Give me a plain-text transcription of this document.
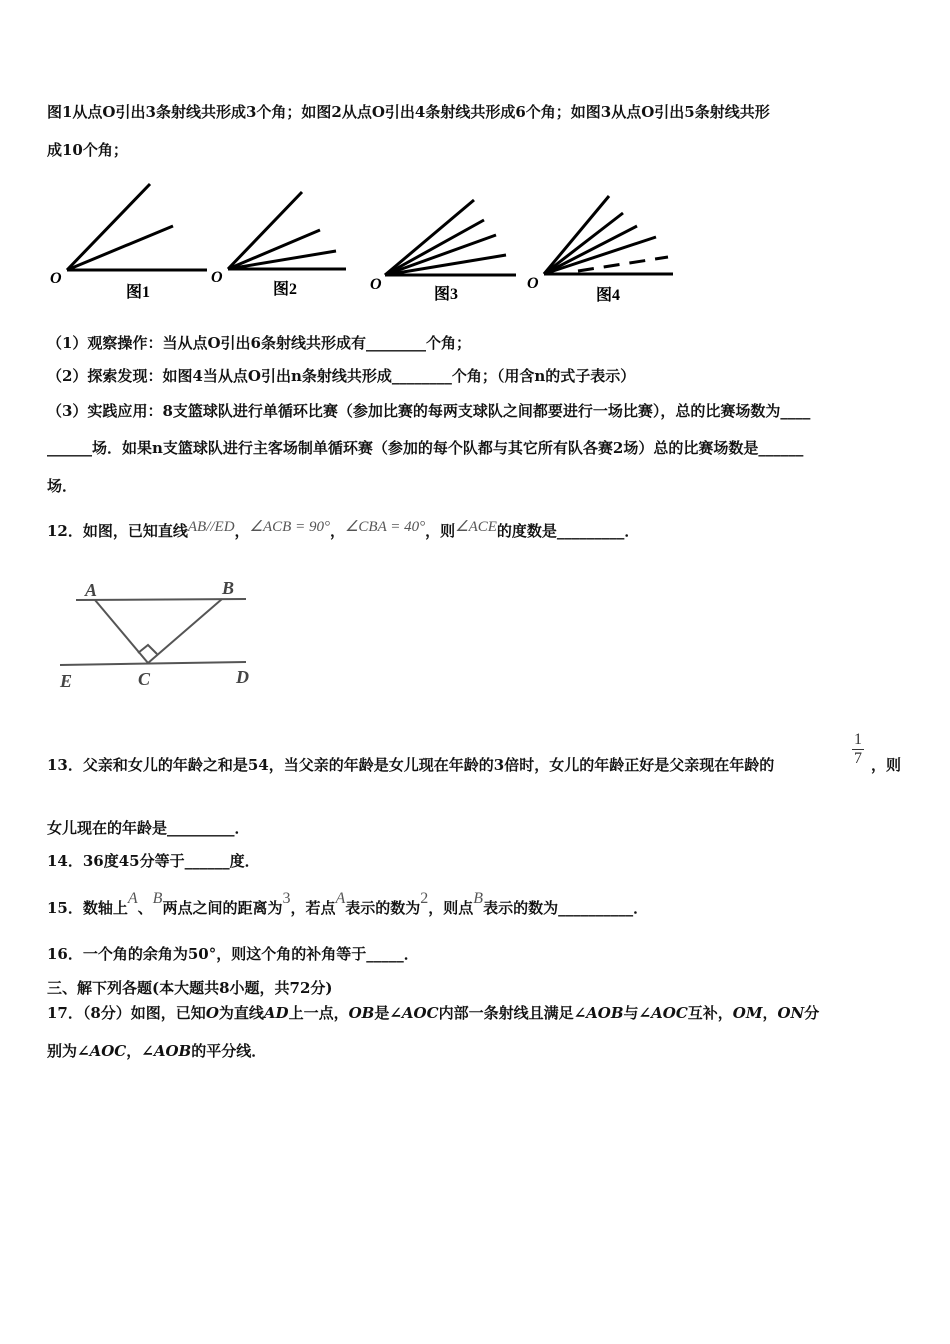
图1从点O引出3条射线共形成3个角；如图2从点O引出4条射线共形成6个角；如图3从点O引出5条射线共形
成10个角；
O
图1
O
图2	O
图3
O
图4
（1）观察操作：当从点O引出6条射线共形成有________个角；
（2）探索发现：如图4当从点O引出n条射线共形成________个角；（用含n的式子表示）
（3）实践应用：8支篮球队进行单循环比赛（参加比赛的每两支球队之间都要进行一场比赛），总的比赛场数为____
______场．如果n支篮球队进行主客场制单循环赛（参加的每个队都与其它所有队各赛2场）总的比赛场数是______
场．
12．如图，已知直线AB//ED，∠ACB = 90°，∠CBA = 40°，则∠ACE的度数是_________．
A	B
E	C	D
13．父亲和女儿的年龄之和是54，当父亲的年龄是女儿现在年龄的3倍时，女儿的年龄正好是父亲现在年龄的	$\frac{1}{7}$ ，则
女儿现在的年龄是_________．
14．36度45分等于______度．
15．数轴上A、B两点之间的距离为3，若点A表示的数为2，则点B表示的数为__________．
16．一个角的余角为50°，则这个角的补角等于_____．
三、解下列各题(本大题共8小题，共72分)
17．（8分）如图，已知O为直线AD上一点，OB是∠AOC内部一条射线且满足∠AOB与∠AOC互补，OM，ON分
别为∠AOC，∠AOB的平分线．
